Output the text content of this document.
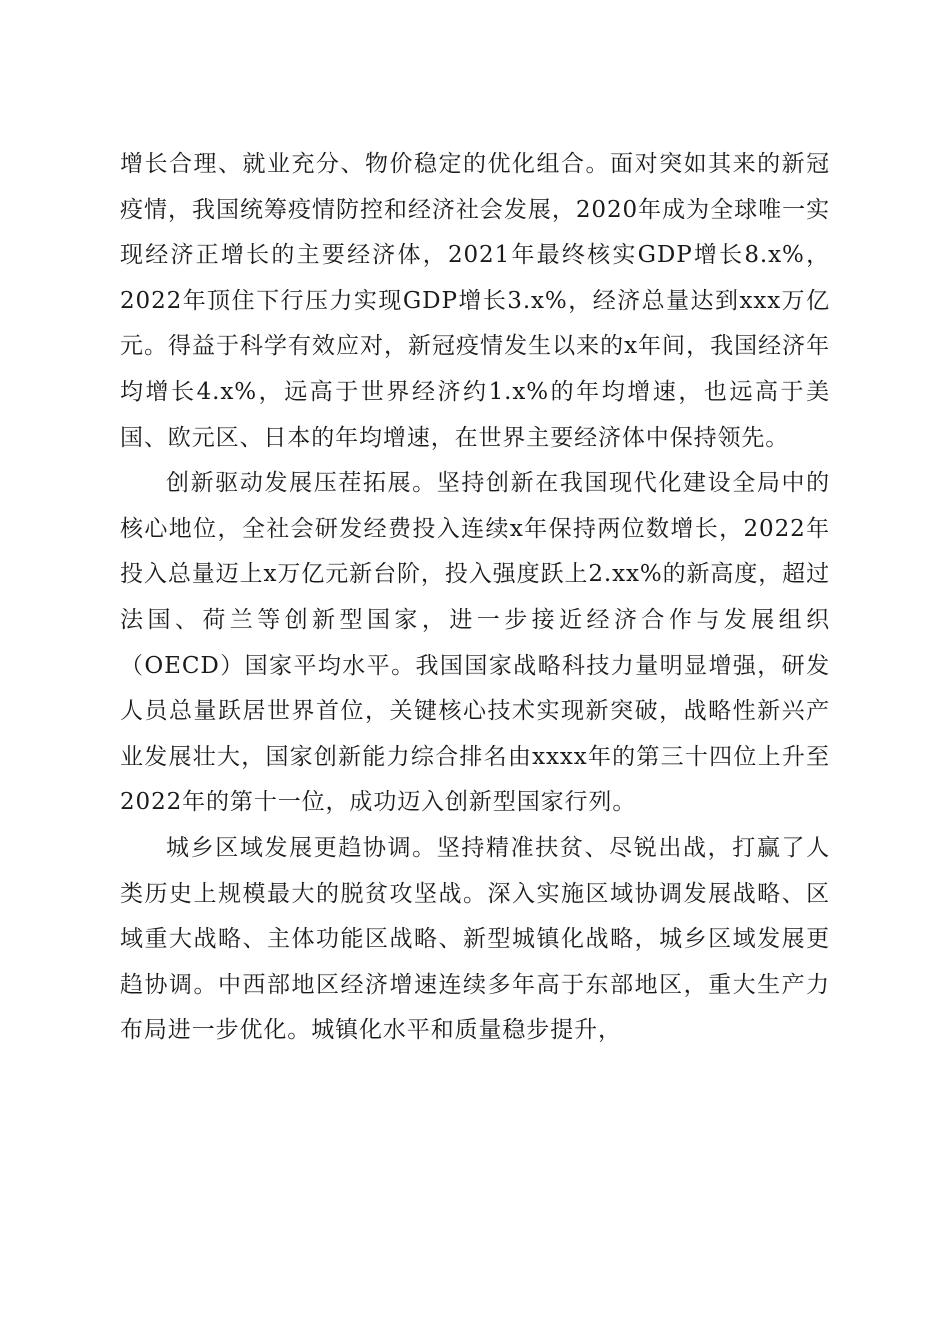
增长合理、就业充分、物价稳定的优化组合。面对突如其来的新冠疫情，我国统筹疫情防控和经济社会发展，2020年成为全球唯一实现经济正增长的主要经济体，2021年最终核实GDP增长8.x%，2022年顶住下行压力实现GDP增长3.x%，经济总量达到xxx万亿元。得益于科学有效应对，新冠疫情发生以来的x年间，我国经济年均增长4.x%，远高于世界经济约1.x%的年均增速，也远高于美国、欧元区、日本的年均增速，在世界主要经济体中保持领先。

创新驱动发展压茬拓展。坚持创新在我国现代化建设全局中的核心地位，全社会研发经费投入连续x年保持两位数增长，2022年投入总量迈上x万亿元新台阶，投入强度跃上2.xx%的新高度，超过法国、荷兰等创新型国家，进一步接近经济合作与发展组织（OECD）国家平均水平。我国国家战略科技力量明显增强，研发人员总量跃居世界首位，关键核心技术实现新突破，战略性新兴产业发展壮大，国家创新能力综合排名由xxxx年的第三十四位上升至2022年的第十一位，成功迈入创新型国家行列。

城乡区域发展更趋协调。坚持精准扶贫、尽锐出战，打赢了人类历史上规模最大的脱贫攻坚战。深入实施区域协调发展战略、区域重大战略、主体功能区战略、新型城镇化战略，城乡区域发展更趋协调。中西部地区经济增速连续多年高于东部地区，重大生产力布局进一步优化。城镇化水平和质量稳步提升，
